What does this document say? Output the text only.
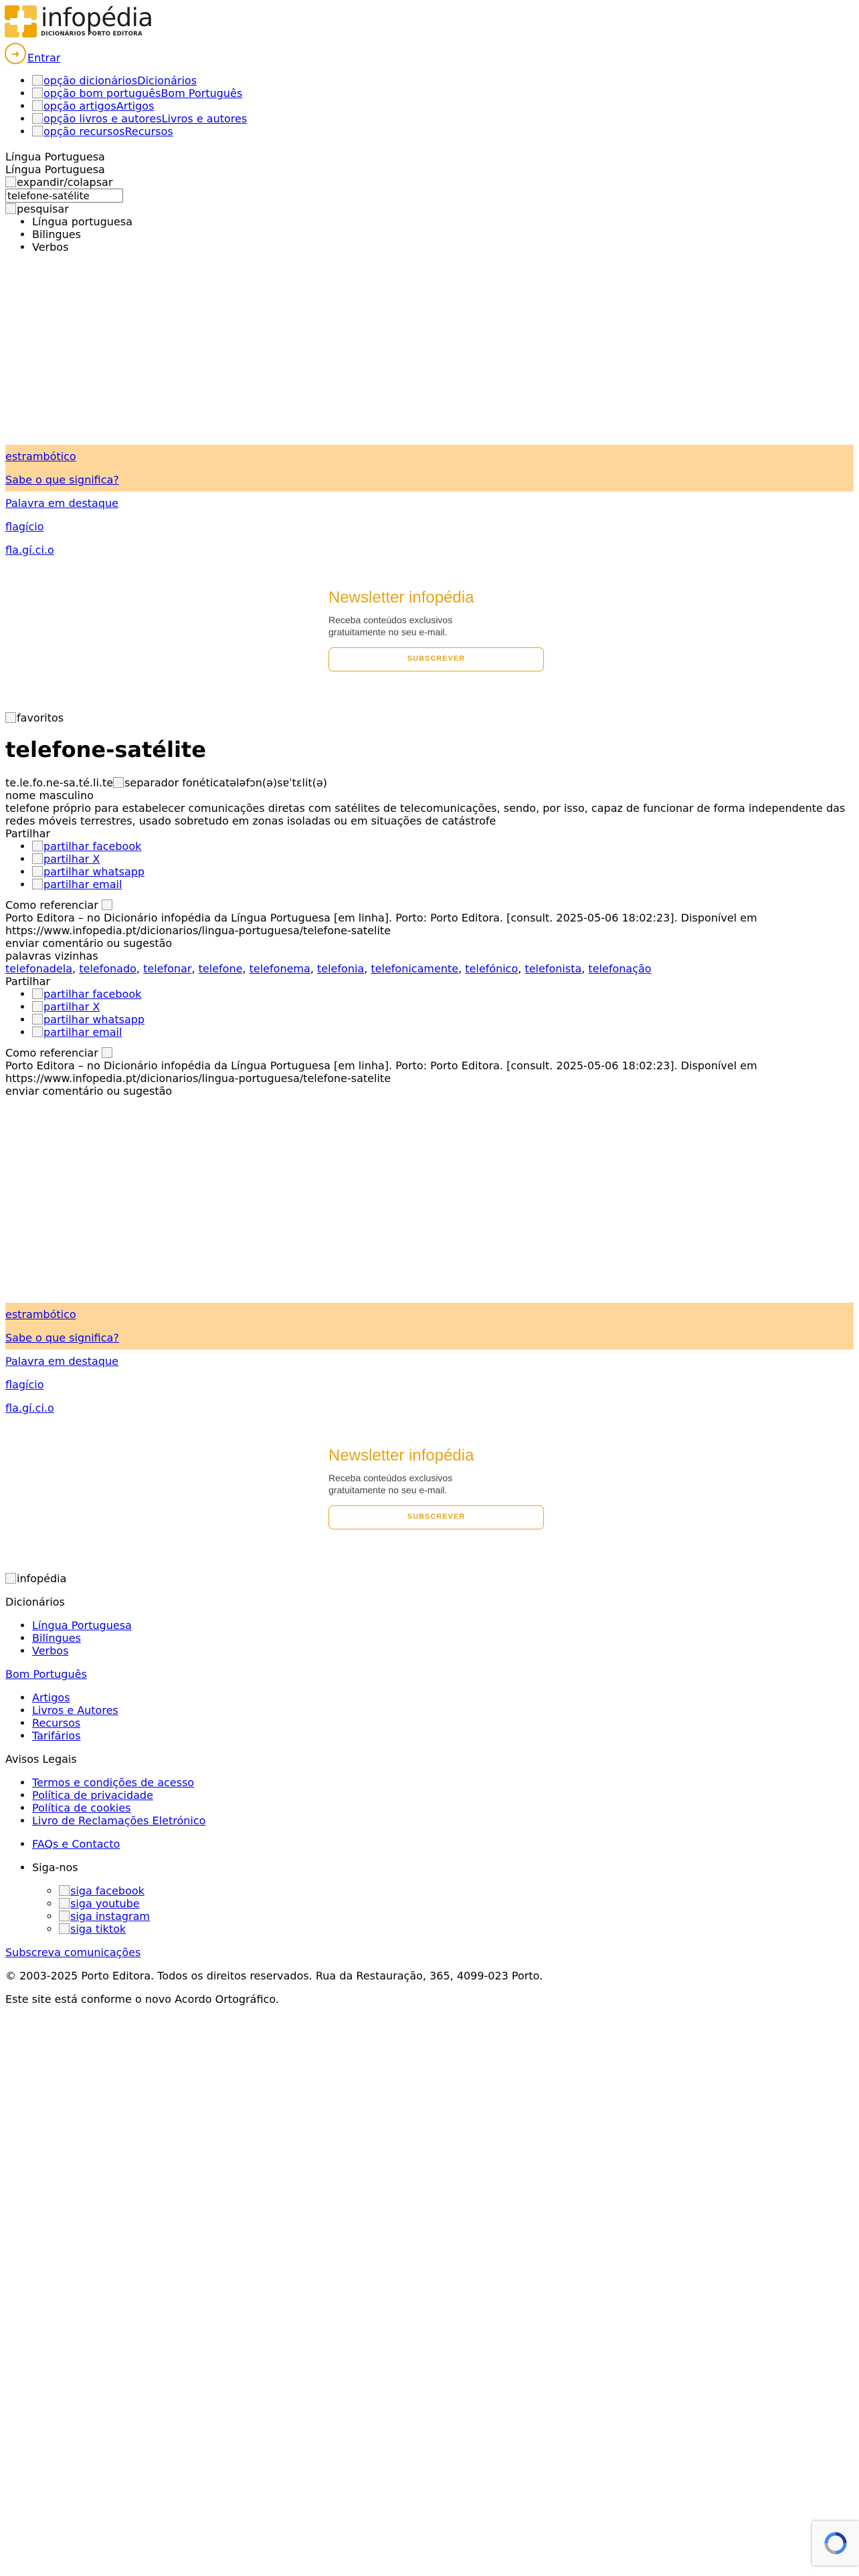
infopédia
DICIONÁRIOS PORTO EDITORA
➜ Entrar
• opção dicionáriosDicionários
• opção bom portuguêsBom Português
• opção artigosArtigos
• opção livros e autoresLivros e autores
• opção recursosRecursos
Língua Portuguesa
Língua Portuguesa
expandir/colapsar
telefone-satélite
pesquisar
• Língua portuguesa
• Bilingues
• Verbos

estrambótico

Sabe o que significa?

Palavra em destaque

flagício

fla.gí.ci.o

Newsletter infopédia
Receba conteúdos exclusivos
gratuitamente no seu e-mail.
SUBSCREVER
favoritos
telefone-satélite
te.le.fo.ne-sa.té.li.te separador fonéticatələfɔn(ə)sɐˈtɛlit(ə)
nome masculino
telefone próprio para estabelecer comunicações diretas com satélites de telecomunicações, sendo, por isso, capaz de funcionar de forma independente das redes móveis terrestres, usado sobretudo em zonas isoladas ou em situações de catástrofe
Partilhar
• partilhar facebook
• partilhar X
• partilhar whatsapp
• partilhar email
Como referenciar
Porto Editora – no Dicionário infopédia da Língua Portuguesa [em linha]. Porto: Porto Editora. [consult. 2025-05-06 18:02:23]. Disponível em
https://www.infopedia.pt/dicionarios/lingua-portuguesa/telefone-satelite
enviar comentário ou sugestão
palavras vizinhas
telefonadela, telefonado, telefonar, telefone, telefonema, telefonia, telefonicamente, telefónico, telefonista, telefonação
Partilhar
• partilhar facebook
• partilhar X
• partilhar whatsapp
• partilhar email
Como referenciar
Porto Editora – no Dicionário infopédia da Língua Portuguesa [em linha]. Porto: Porto Editora. [consult. 2025-05-06 18:02:23]. Disponível em
https://www.infopedia.pt/dicionarios/lingua-portuguesa/telefone-satelite
enviar comentário ou sugestão

estrambótico

Sabe o que significa?

Palavra em destaque

flagício

fla.gí.ci.o

Newsletter infopédia
Receba conteúdos exclusivos
gratuitamente no seu e-mail.
SUBSCREVER
infopédia

Dicionários

• Língua Portuguesa
• Bilingues
• Verbos

Bom Português

• Artigos
• Livros e Autores
• Recursos
• Tarifários

Avisos Legais

• Termos e condições de acesso
• Política de privacidade
• Política de cookies
• Livro de Reclamações Eletrónico
• FAQs e Contacto
• Siga-nos
◦ siga facebook
◦ siga youtube
◦ siga instagram
◦ siga tiktok

Subscreva comunicações

© 2003-2025 Porto Editora. Todos os direitos reservados. Rua da Restauração, 365, 4099-023 Porto.

Este site está conforme o novo Acordo Ortográfico.
